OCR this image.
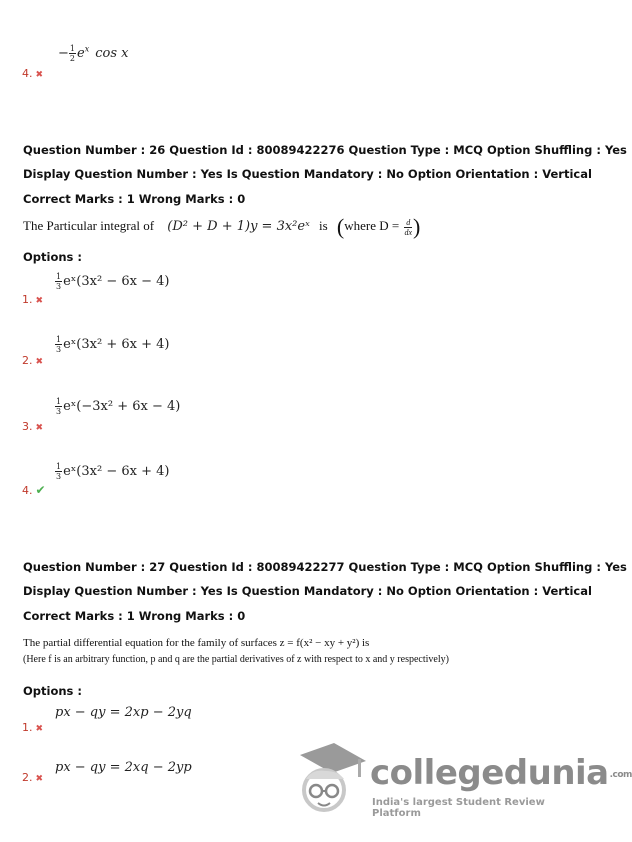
4. ✖
− $\frac{1}{2} e^x$ cos x
Question Number : 26 Question Id : 80089422276 Question Type : MCQ Option Shuffling : Yes
Display Question Number : Yes Is Question Mandatory : No Option Orientation : Vertical
Correct Marks : 1 Wrong Marks : 0
The Particular integral of (D² + D + 1)y = 3x²eˣ is (where $D = \frac{d}{dx}$ )
Options :
1. ✖
$\frac{1}{3}$ eˣ(3x² − 6x − 4)
2. ✖
$\frac{1}{3}$ eˣ(3x² + 6x + 4)
3. ✖
$\frac{1}{3}$ eˣ(−3x² + 6x − 4)
4. ✔
$\frac{1}{3}$ eˣ(3x² − 6x + 4)
Question Number : 27 Question Id : 80089422277 Question Type : MCQ Option Shuffling : Yes
Display Question Number : Yes Is Question Mandatory : No Option Orientation : Vertical
Correct Marks : 1 Wrong Marks : 0
The partial differential equation for the family of surfaces z = f(x² − xy + y²) is
(Here f is an arbitrary function, p and q are the partial derivatives of z with respect to x and y respectively)
Options :
1. ✖
px − qy = 2xp − 2yq
2. ✖
px − qy = 2xq − 2yp	collegedunia.com
India's largest Student Review Platform
